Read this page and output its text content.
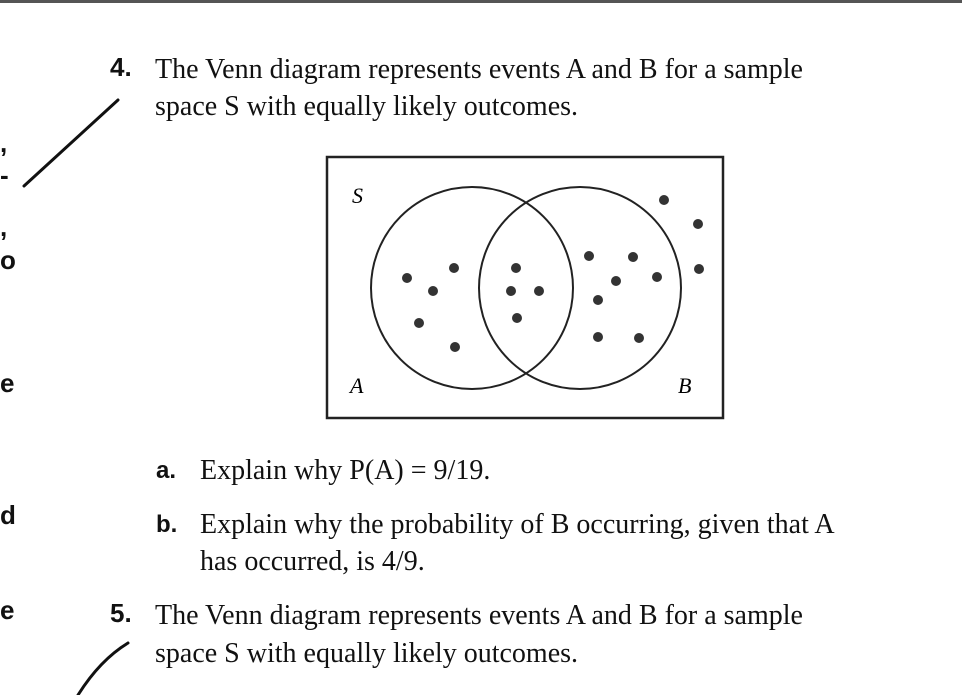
,
-
,
o
e
d
e
4. The Venn diagram represents events A and B for a sample
space S with equally likely outcomes.
S
A	B
a. Explain why P(A) = 9/19.
b. Explain why the probability of B occurring, given that A
has occurred, is 4/9.
5. The Venn diagram represents events A and B for a sample
space S with equally likely outcomes.
